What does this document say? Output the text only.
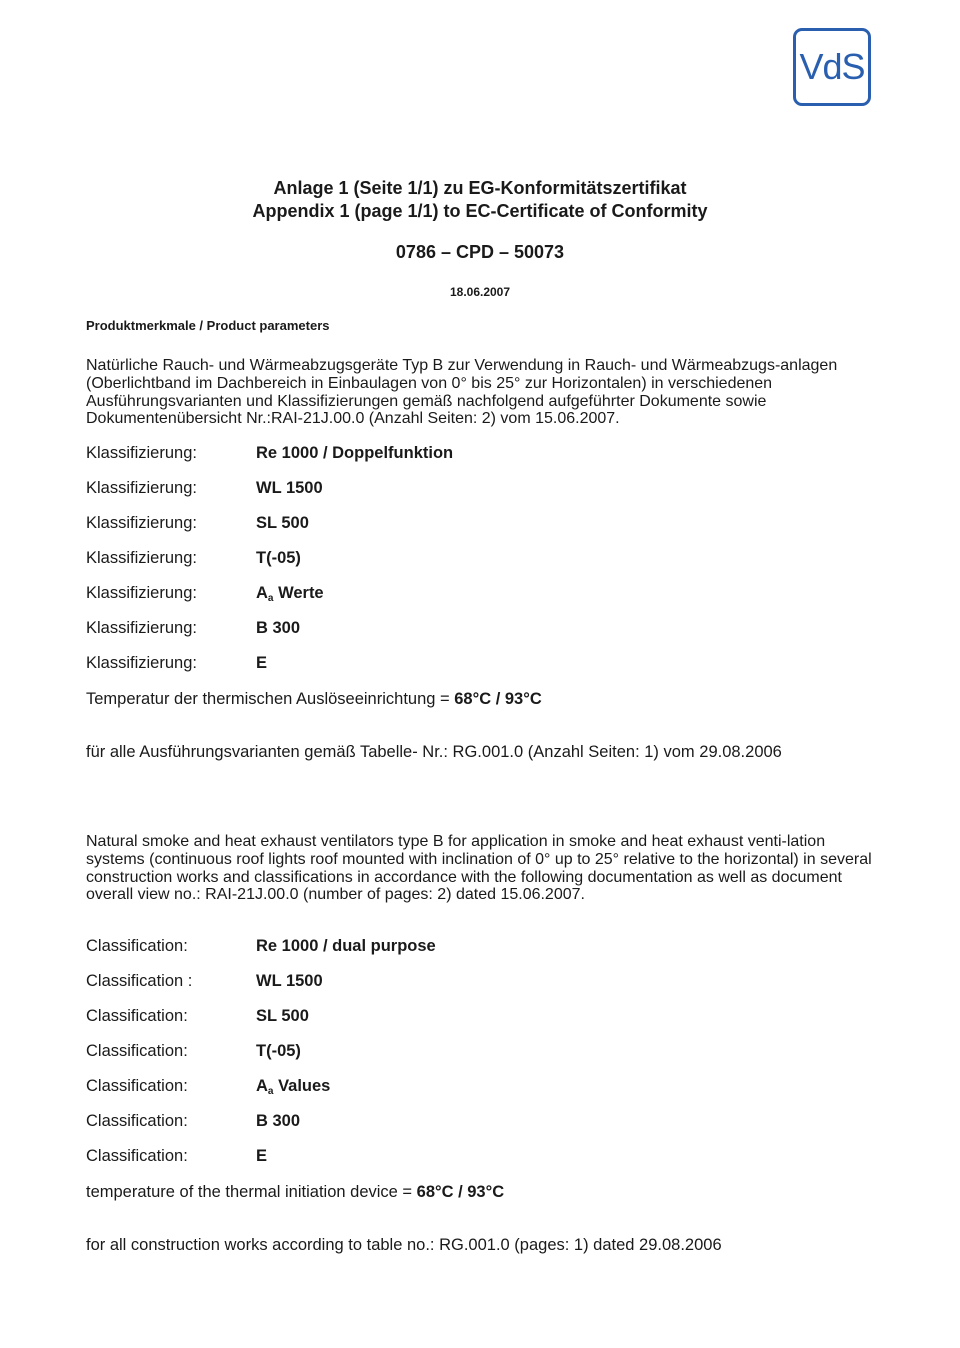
VdS
Anlage 1 (Seite 1/1) zu EG-Konformitätszertifikat
Appendix 1 (page 1/1) to EC-Certificate of Conformity
0786 – CPD – 50073
18.06.2007
Produktmerkmale / Product parameters
Natürliche Rauch- und Wärmeabzugsgeräte Typ B zur Verwendung in Rauch- und Wärmeabzugs-anlagen (Oberlichtband im Dachbereich in Einbaulagen von 0° bis 25° zur Horizontalen) in verschiedenen Ausführungsvarianten und Klassifizierungen gemäß nachfolgend aufgeführter Dokumente sowie Dokumentenübersicht Nr.:RAI-21J.00.0 (Anzahl Seiten: 2) vom 15.06.2007.
Klassifizierung:	Re 1000 / Doppelfunktion
Klassifizierung:	WL 1500
Klassifizierung:	SL 500
Klassifizierung:	T(-05)
Klassifizierung:	$A_a$ Werte
Klassifizierung:	B 300
Klassifizierung:	E
Temperatur der thermischen Auslöseeinrichtung = 68°C / 93°C
für alle Ausführungsvarianten gemäß Tabelle- Nr.: RG.001.0 (Anzahl Seiten: 1) vom 29.08.2006
Natural smoke and heat exhaust ventilators type B for application in smoke and heat exhaust venti-lation systems (continuous roof lights roof mounted with inclination of 0° up to 25° relative to the horizontal) in several construction works and classifications in accordance with the following documentation as well as document overall view no.: RAI-21J.00.0 (number of pages: 2) dated 15.06.2007.
Classification:	Re 1000 / dual purpose
Classification :	WL 1500
Classification:	SL 500
Classification:	T(-05)
Classification:	$A_a$ Values
Classification:	B 300
Classification:	E
temperature of the thermal initiation device = 68°C / 93°C
for all construction works according to table no.: RG.001.0 (pages: 1) dated 29.08.2006
